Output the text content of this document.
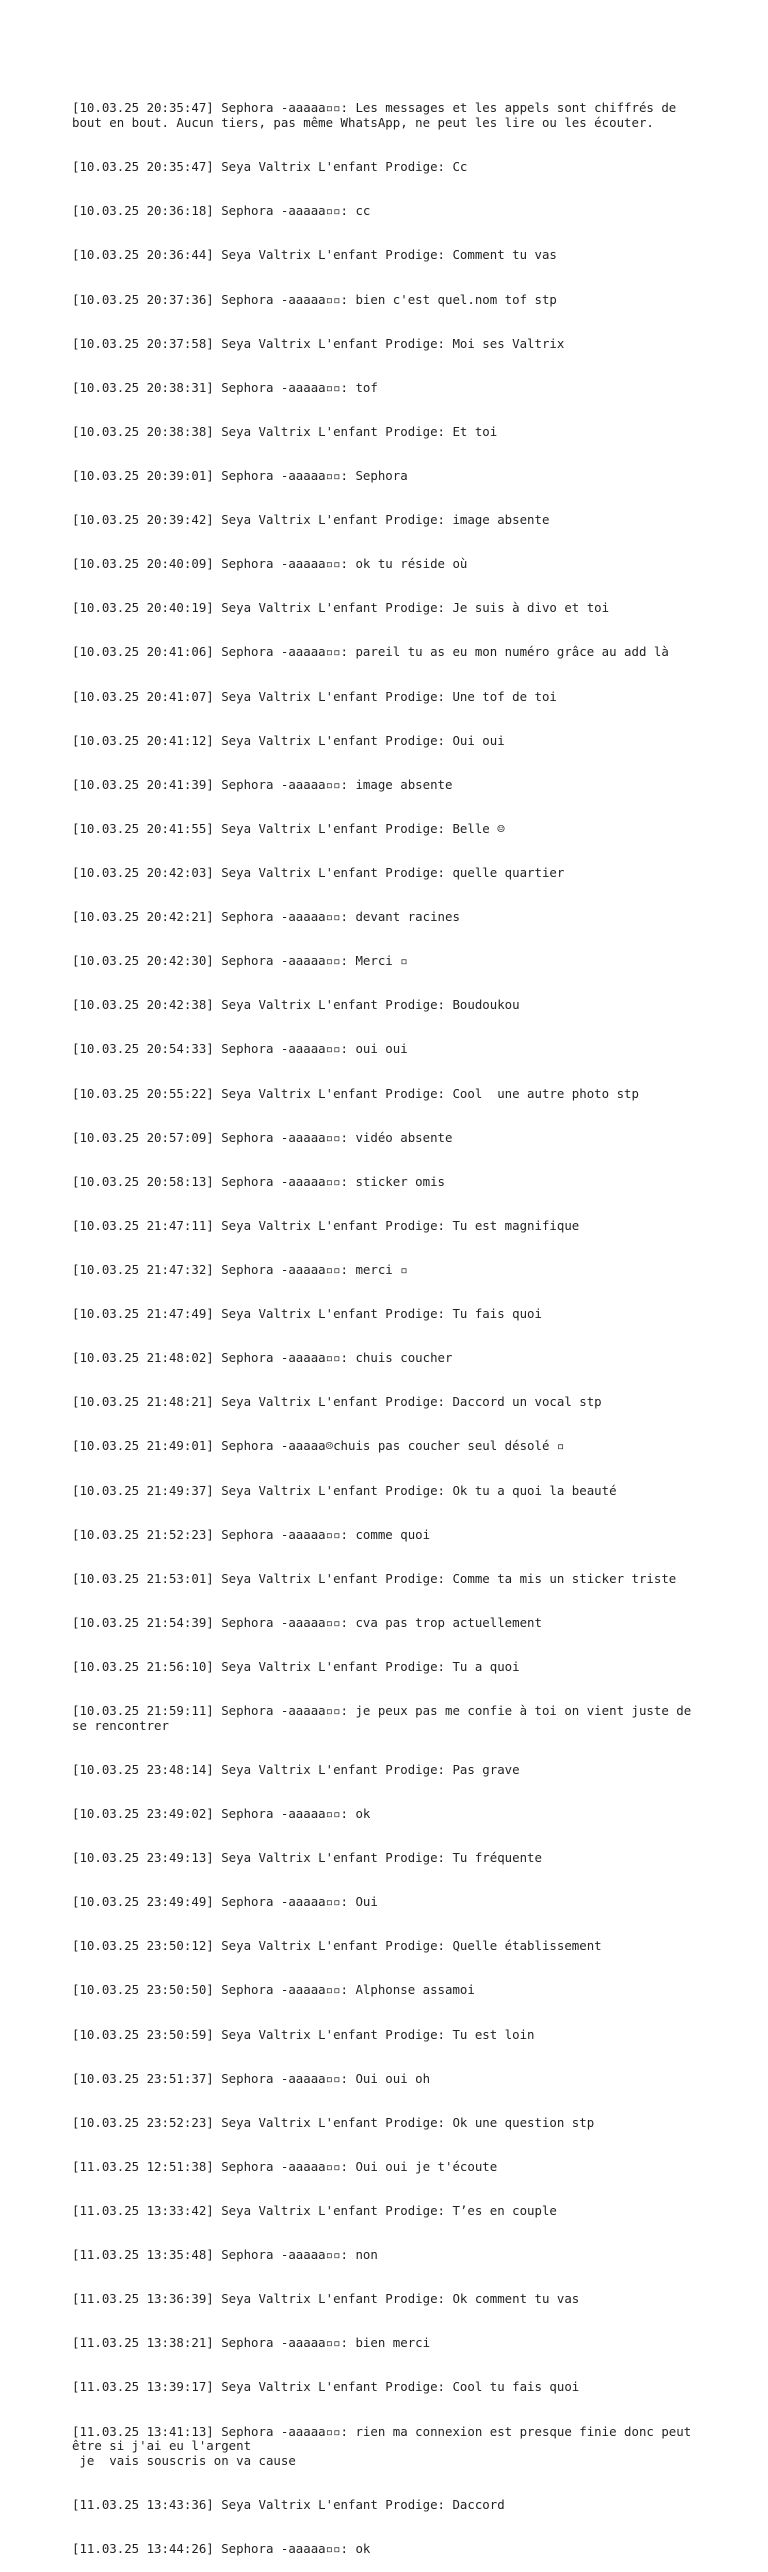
[10.03.25 20:35:47] Sephora -aaaaa▫▫: Les messages et les appels sont chiffrés de bout en bout. Aucun tiers, pas même WhatsApp, ne peut les lire ou les écouter.

[10.03.25 20:35:47] Seya Valtrix L'enfant Prodige: Cc

[10.03.25 20:36:18] Sephora -aaaaa▫▫: cc

[10.03.25 20:36:44] Seya Valtrix L'enfant Prodige: Comment tu vas

[10.03.25 20:37:36] Sephora -aaaaa▫▫: bien c'est quel.nom tof stp

[10.03.25 20:37:58] Seya Valtrix L'enfant Prodige: Moi ses Valtrix

[10.03.25 20:38:31] Sephora -aaaaa▫▫: tof

[10.03.25 20:38:38] Seya Valtrix L'enfant Prodige: Et toi

[10.03.25 20:39:01] Sephora -aaaaa▫▫: Sephora

[10.03.25 20:39:42] Seya Valtrix L'enfant Prodige: image absente

[10.03.25 20:40:09] Sephora -aaaaa▫▫: ok tu réside où

[10.03.25 20:40:19] Seya Valtrix L'enfant Prodige: Je suis à divo et toi

[10.03.25 20:41:06] Sephora -aaaaa▫▫: pareil tu as eu mon numéro grâce au add là

[10.03.25 20:41:07] Seya Valtrix L'enfant Prodige: Une tof de toi

[10.03.25 20:41:12] Seya Valtrix L'enfant Prodige: Oui oui

[10.03.25 20:41:39] Sephora -aaaaa▫▫: image absente

[10.03.25 20:41:55] Seya Valtrix L'enfant Prodige: Belle ☺

[10.03.25 20:42:03] Seya Valtrix L'enfant Prodige: quelle quartier

[10.03.25 20:42:21] Sephora -aaaaa▫▫: devant racines

[10.03.25 20:42:30] Sephora -aaaaa▫▫: Merci ▫

[10.03.25 20:42:38] Seya Valtrix L'enfant Prodige: Boudoukou

[10.03.25 20:54:33] Sephora -aaaaa▫▫: oui oui

[10.03.25 20:55:22] Seya Valtrix L'enfant Prodige: Cool  une autre photo stp

[10.03.25 20:57:09] Sephora -aaaaa▫▫: vidéo absente

[10.03.25 20:58:13] Sephora -aaaaa▫▫: sticker omis

[10.03.25 21:47:11] Seya Valtrix L'enfant Prodige: Tu est magnifique

[10.03.25 21:47:32] Sephora -aaaaa▫▫: merci ▫

[10.03.25 21:47:49] Seya Valtrix L'enfant Prodige: Tu fais quoi

[10.03.25 21:48:02] Sephora -aaaaa▫▫: chuis coucher

[10.03.25 21:48:21] Seya Valtrix L'enfant Prodige: Daccord un vocal stp

[10.03.25 21:49:01] Sephora -aaaaa☹chuis pas coucher seul désolé ▫

[10.03.25 21:49:37] Seya Valtrix L'enfant Prodige: Ok tu a quoi la beauté

[10.03.25 21:52:23] Sephora -aaaaa▫▫: comme quoi

[10.03.25 21:53:01] Seya Valtrix L'enfant Prodige: Comme ta mis un sticker triste

[10.03.25 21:54:39] Sephora -aaaaa▫▫: cva pas trop actuellement

[10.03.25 21:56:10] Seya Valtrix L'enfant Prodige: Tu a quoi

[10.03.25 21:59:11] Sephora -aaaaa▫▫: je peux pas me confie à toi on vient juste de se rencontrer

[10.03.25 23:48:14] Seya Valtrix L'enfant Prodige: Pas grave

[10.03.25 23:49:02] Sephora -aaaaa▫▫: ok

[10.03.25 23:49:13] Seya Valtrix L'enfant Prodige: Tu fréquente

[10.03.25 23:49:49] Sephora -aaaaa▫▫: Oui

[10.03.25 23:50:12] Seya Valtrix L'enfant Prodige: Quelle établissement

[10.03.25 23:50:50] Sephora -aaaaa▫▫: Alphonse assamoi

[10.03.25 23:50:59] Seya Valtrix L'enfant Prodige: Tu est loin

[10.03.25 23:51:37] Sephora -aaaaa▫▫: Oui oui oh

[10.03.25 23:52:23] Seya Valtrix L'enfant Prodige: Ok une question stp

[11.03.25 12:51:38] Sephora -aaaaa▫▫: Oui oui je t'écoute

[11.03.25 13:33:42] Seya Valtrix L'enfant Prodige: T’es en couple

[11.03.25 13:35:48] Sephora -aaaaa▫▫: non

[11.03.25 13:36:39] Seya Valtrix L'enfant Prodige: Ok comment tu vas

[11.03.25 13:38:21] Sephora -aaaaa▫▫: bien merci

[11.03.25 13:39:17] Seya Valtrix L'enfant Prodige: Cool tu fais quoi

[11.03.25 13:41:13] Sephora -aaaaa▫▫: rien ma connexion est presque finie donc peut être si j'ai eu l'argent
je  vais souscris on va cause

[11.03.25 13:43:36] Seya Valtrix L'enfant Prodige: Daccord

[11.03.25 13:44:26] Sephora -aaaaa▫▫: ok
